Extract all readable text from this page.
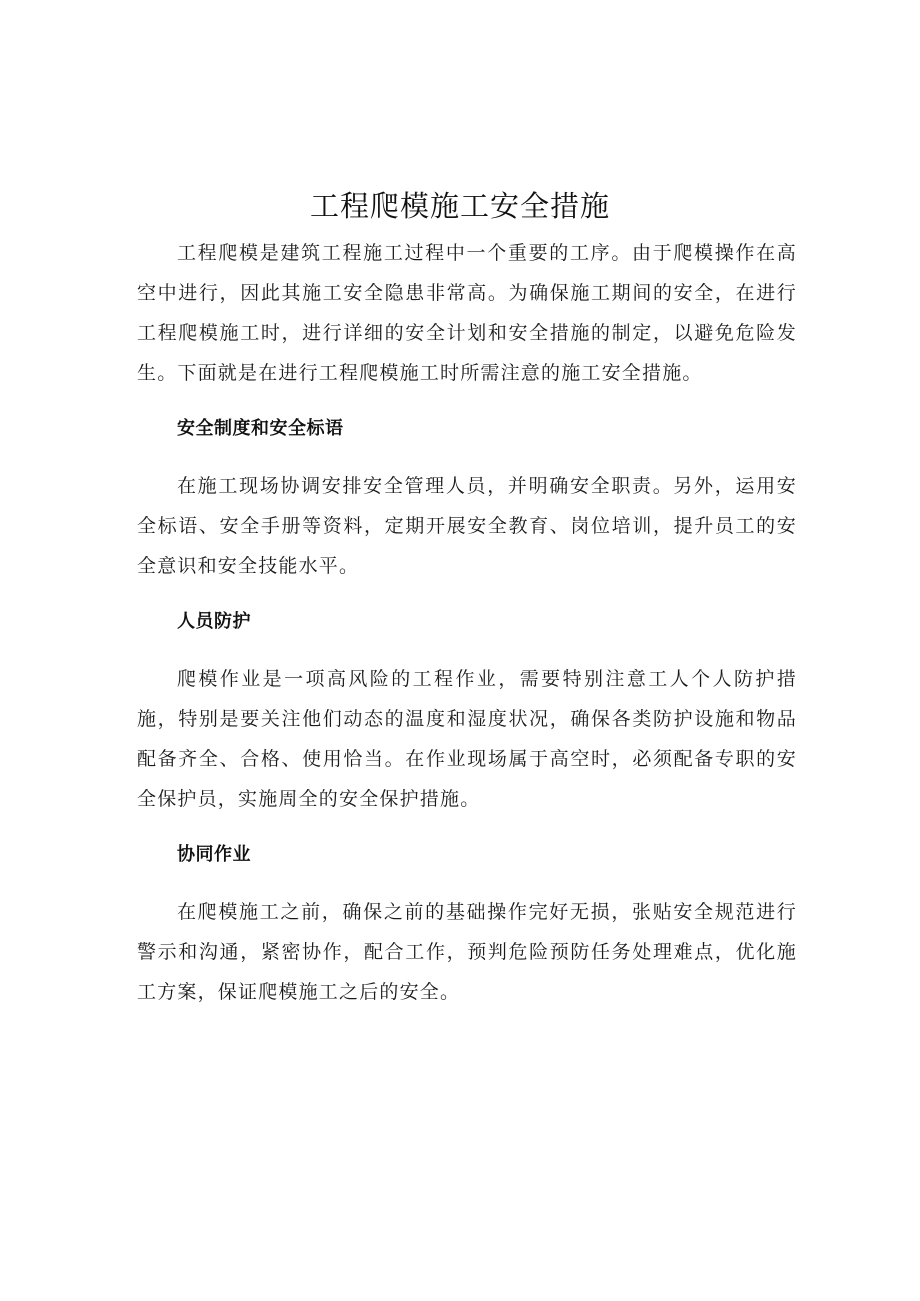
工程爬模施工安全措施

工程爬模是建筑工程施工过程中一个重要的工序。由于爬模操作在高空中进行，因此其施工安全隐患非常高。为确保施工期间的安全，在进行工程爬模施工时，进行详细的安全计划和安全措施的制定，以避免危险发生。下面就是在进行工程爬模施工时所需注意的施工安全措施。

安全制度和安全标语

在施工现场协调安排安全管理人员，并明确安全职责。另外，运用安全标语、安全手册等资料，定期开展安全教育、岗位培训，提升员工的安全意识和安全技能水平。

人员防护

爬模作业是一项高风险的工程作业，需要特别注意工人个人防护措施，特别是要关注他们动态的温度和湿度状况，确保各类防护设施和物品配备齐全、合格、使用恰当。在作业现场属于高空时，必须配备专职的安全保护员，实施周全的安全保护措施。

协同作业

在爬模施工之前，确保之前的基础操作完好无损，张贴安全规范进行警示和沟通，紧密协作，配合工作，预判危险预防任务处理难点，优化施工方案，保证爬模施工之后的安全。
